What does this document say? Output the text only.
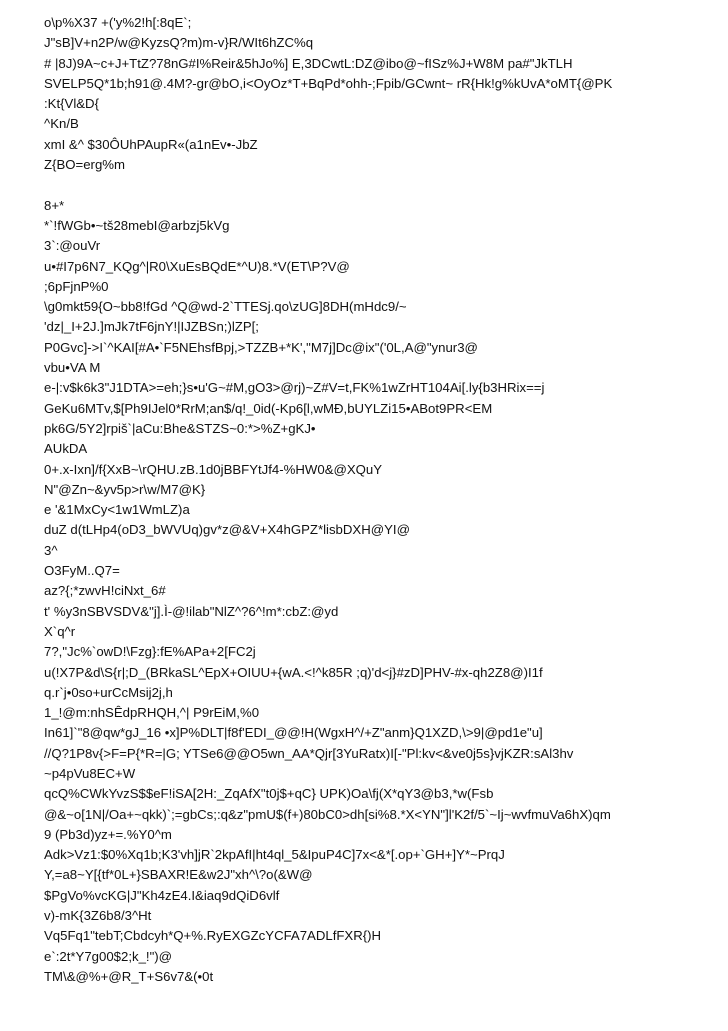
o\p%X37 +('y%2!h[:8qE`;
J"sB]V+n2P/w@KyzsQ?m)m-v}R/WIt6hZC%q
# |8J)9A~c+J+TtZ?78nG#I%Reir&5hJo%] E,3DCwtL:DZ@ibo@~fISz%J+W8M pa#"JkTLH
SVELP5Q*1b;h91@.4M?-gr@bO,i<OyOz*T+BqPd*ohh-;Fpib/GCwnt~ rR{Hk!g%kUvA*oMT{@PK
:Kt{Vl&D{
^Kn/B
xmI &^ $30ÔUhPAupR«(a1nEv•-JbZ
Z{BO=erg%m
8+*
*`!fWGb•~tš28mebI@arbzj5kVg
3`:@ouVr
u•#I7p6N7_KQg^|R0\XuEsBQdE*^U)8.*V(ET\P?V@
;6pFjnP%0
\g0mkt59{O~bb8!fGd ^Q@wd-2`TTESj.qo\zUG]8DH(mHdc9/~
'dz|_I+2J.]mJk7tF6jnY!|IJZBSn;)lZP[;
P0Gvc]->I`^KAI[#A•`F5NEhsfBpj,>TZZB+*K',"M7j]Dc@ix"('0L,A@"ynur3@
vbu•VA M
e-|:v$k6k3"J1DTA>=eh;}s•u'G~#M,gO3>@rj)~Z#V=t,FK%1wZrHT104Ai[.ly{b3HRix==j
GeKu6MTv,$[Ph9IJel0*RrM;an$/q!_0id(-Kp6[l,wMĐ,bUYLZi15•ABot9PR<EM
pk6G/5Y2]rpiš`|aCu:Bhe&STZS~0:*>%Z+gKJ•
AUkDA
0+.x-Ixn]/f{XxB~\rQHU.zB.1d0jBBFYtJf4-%HW0&@XQuY
N"@Zn~&yv5p>r\w/M7@K}
e '&1MxCy<1w1WmLZ)a
duZ d(tLHp4(oD3_bWVUq)gv*z@&V+X4hGPZ*lisbDXH@YI@
3^
O3FyM..Q7=
az?{;*zwvH!ciNxt_6#
t' %y3nSBVSDV&"j].Ì-@!ilab"NlZ^?6^!m*:cbZ:@yd
X`q^r
7?,"Jc%`owD!\Fzg}:fE%APa+2[FC2j
u(!X7P&d\S{r|;D_(BRkaSL^EpX+OIUU+{wA.<!^k85R ;q)'d<j}#zD]PHV-#x-qh2Z8@)I1f
q.r`j•0so+urCcMsij2j,h
1_!@m:nhSÊdpRHQH,^| P9rEiM,%0
In61]`"8@qw*gJ_16 •x]P%DLT|f8f'EDI_@@!H(WgxH^/+Z"anm}Q1XZD,\>9|@pd1e"u]
//Q?1P8v{>F=P{*R=|G; YTSe6@@O5wn_AA*Qjr[3YuRatx)I[-"Pl:kv<&ve0j5s}vjKZR:sAl3hv
~p4pVu8EC+W
qcQ%CWkYvzS$$eF!iSA[2H:_ZqAfX"t0j$+qC} UPK)Oa\fj(X*qY3@b3,*w(Fsb
@&~o[1N|/Oa+~qkk)`;=gbCs;:q&z"pmU$(f+)80bC0>dh[si%8.*X<YN"]l'K2f/5`~Ij~wvfmuVa6hX)qm
9 (Pb3d)yz+=.%Y0^m
Adk>Vz1:$0%Xq1b;K3'vh]jR`2kpAfI|ht4ql_5&IpuP4C]7x<&*[.op+`GH+]Y*~PrqJ
Y,=a8~Y[{tf*0L+}SBAXR!E&w2J"xh^\?o(&W@
$PgVo%vcKG|J"Kh4zE4.I&iaq9dQiD6vlf
v)-mK{3Z6b8/3^Ht
Vq5Fq1"tebT;Cbdcyh*Q+%.RyEXGZcYCFA7ADLfFXR{)H
e`:2t*Y7g00$2;k_!")@
TM\&@%+@R_T+S6v7&(•0t
